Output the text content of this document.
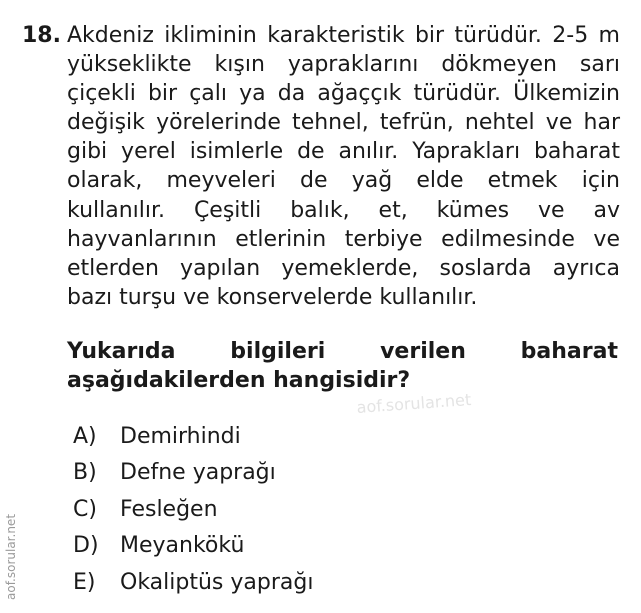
18. Akdeniz ikliminin karakteristik bir türüdür. 2-5 m
yükseklikte kışın yapraklarını dökmeyen sarı
çiçekli bir çalı ya da ağaççık türüdür. Ülkemizin
değişik yörelerinde tehnel, tefrün, nehtel ve har
gibi yerel isimlerle de anılır. Yaprakları baharat
olarak, meyveleri de yağ elde etmek için
kullanılır. Çeşitli balık, et, kümes ve av
hayvanlarının etlerinin terbiye edilmesinde ve
etlerden yapılan yemeklerde, soslarda ayrıca
bazı turşu ve konservelerde kullanılır.
Yukarıda bilgileri verilen baharat
aşağıdakilerden hangisidir?
aof.sorular.net
A)	Demirhindi
B)	Defne yaprağı
C)	Fesleğen
D) Meyankökü
E)	Okaliptüs yaprağı
aof.sorular.net
